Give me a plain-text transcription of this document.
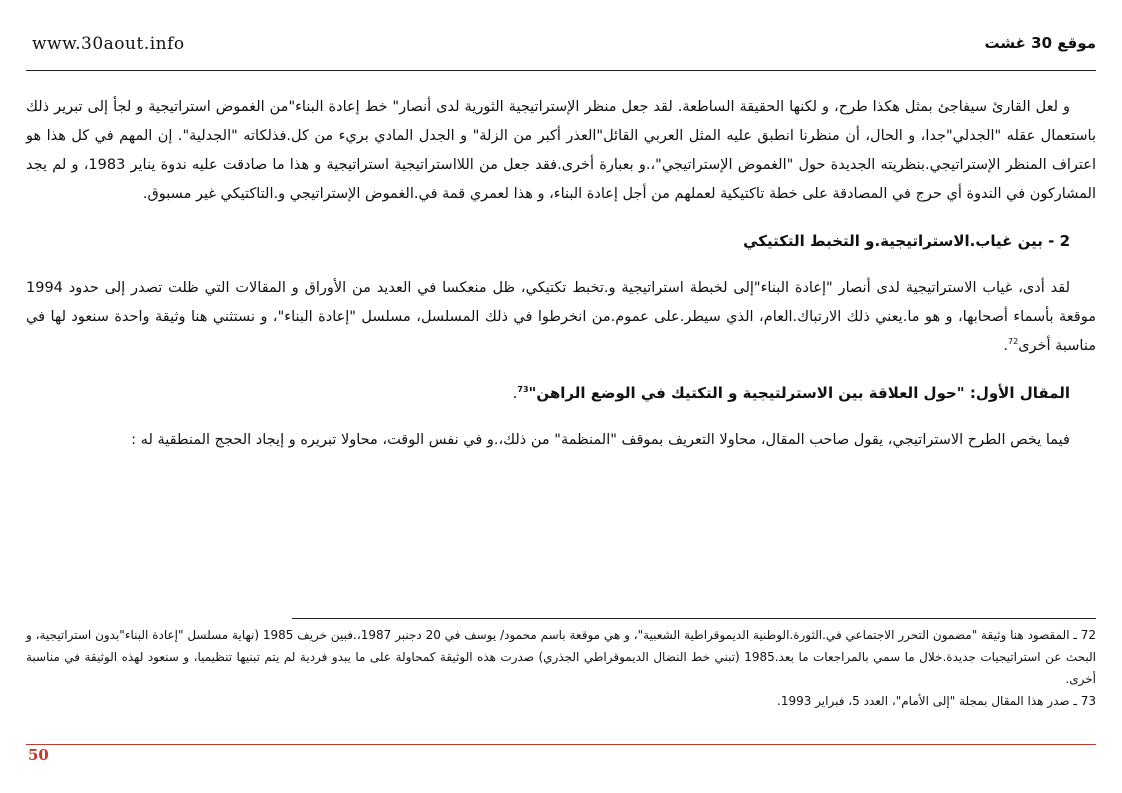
www.30aout.info	موقع 30 غشت

و لعل القارئ سيفاجئ بمثل هكذا طرح، و لكنها الحقيقة الساطعة. لقد جعل منظر الإستراتيجية الثورية لدى أنصار" خط إعادة البناء"من الغموض استراتيجية و لجأ إلى تبرير ذلك باستعمال عقله "الجدلي"جدا، و الحال، أن منظرنا انطبق عليه المثل العربي القائل"العذر أكبر من الزلة" و الجدل المادي بريء من كل.فذلكاته "الجدلية". إن المهم في كل هذا هو اعتراف المنظر الإستراتيجي.بنظريته الجديدة حول "الغموض الإستراتيجي"،.و بعبارة أخرى.فقد جعل من اللااستراتيجية استراتيجية و هذا ما صادقت عليه ندوة يناير 1983، و لم يجد المشاركون في الندوة أي حرج في المصادقة على خطة تاكتيكية لعملهم من أجل إعادة البناء، و هذا لعمري قمة في.الغموض الإستراتيجي و.التاكتيكي غير مسبوق.

2 - بين غياب.الاستراتيجية.و التخبط التكتيكي

لقد أدى، غياب الاستراتيجية لدى أنصار "إعادة البناء"إلى لخبطة استراتيجية و.تخبط تكتيكي، ظل منعكسا في العديد من الأوراق و المقالات التي ظلت تصدر إلى حدود 1994 موقعة بأسماء أصحابها، و هو ما.يعني ذلك الارتباك.العام، الذي سيطر.على عموم.من انخرطوا في ذلك المسلسل، مسلسل "إعادة البناء"، و نستثني هنا وثيقة واحدة سنعود لها في مناسبة أخرى$^{72}$.

المقال الأول: "حول العلاقة بين الاسترلتيجية و التكتيك في الوضع الراهن"$^{73}$.

فيما يخص الطرح الاستراتيجي، يقول صاحب المقال، محاولا التعريف بموقف "المنظمة" من ذلك،.و في نفس الوقت، محاولا تبريره و إيجاد الحجج المنطقية له :

72 ـ المقصود هنا وثيقة "مضمون التحرر الاجتماعي في.الثورة.الوطنية الديموقراطية الشعبية"، و هي موقعة باسم محمود/ يوسف في 20 دجنبر 1987،.فبين خريف 1985 (نهاية مسلسل "إعادة البناء"بدون استراتيجية، و البحث عن استراتيجيات جديدة.خلال ما سمي بالمراجعات ما بعد.1985 (تبني خط النضال الديموقراطي الجذري) صدرت هذه الوثيقة كمحاولة على ما يبدو فردية لم يتم تبنيها تنظيميا، و سنعود لهذه الوثيقة في مناسبة أخرى.

73 ـ صدر هذا المقال بمجلة "إلى الأمام"، العدد 5، فبراير 1993.

50
